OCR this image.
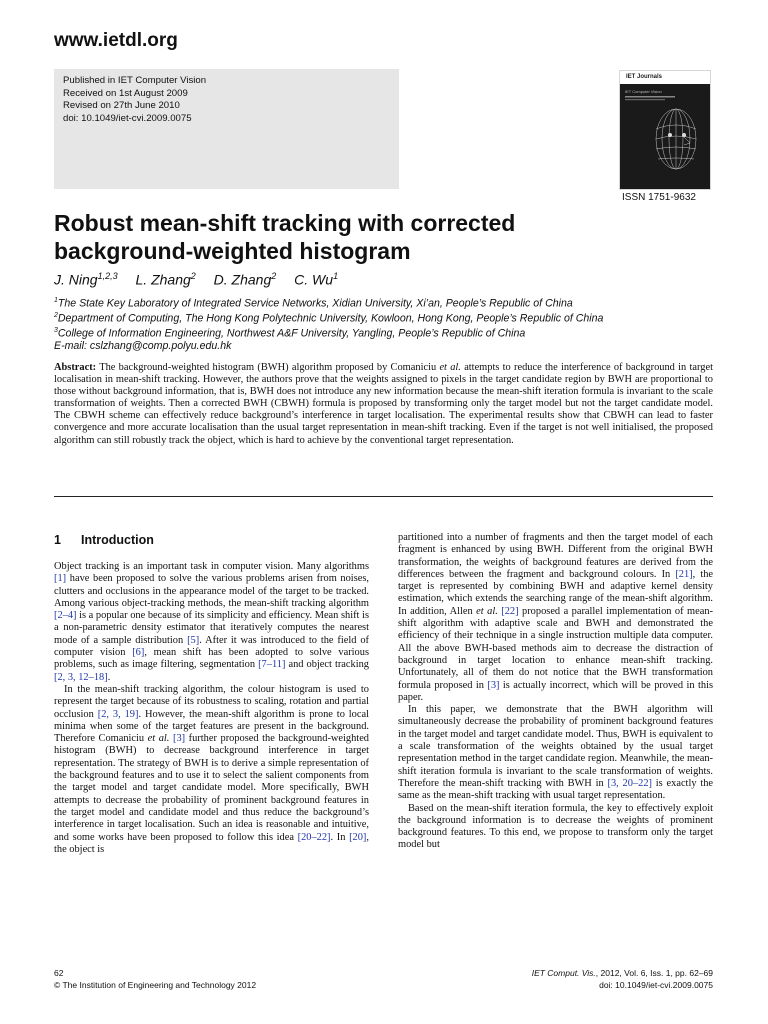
www.ietdl.org
Published in IET Computer Vision
Received on 1st August 2009
Revised on 27th June 2010
doi: 10.1049/iet-cvi.2009.0075
IET Journals
IET Computer Vision
ISSN 1751-9632
Robust mean-shift tracking with corrected
background-weighted histogram
J. Ning$^{1,2,3}$ L. Zhang$^2$ D. Zhang$^2$ C. Wu$^1$
$^1$The State Key Laboratory of Integrated Service Networks, Xidian University, Xi’an, People’s Republic of China
$^2$Department of Computing, The Hong Kong Polytechnic University, Kowloon, Hong Kong, People’s Republic of China
$^3$College of Information Engineering, Northwest A&F University, Yangling, People’s Republic of China
E-mail: cslzhang@comp.polyu.edu.hk
Abstract: The background-weighted histogram (BWH) algorithm proposed by Comaniciu et al. attempts to reduce the interference of background in target localisation in mean-shift tracking. However, the authors prove that the weights assigned to pixels in the target candidate region by BWH are proportional to those without background information, that is, BWH does not introduce any new information because the mean-shift iteration formula is invariant to the scale transformation of weights. Then a corrected BWH (CBWH) formula is proposed by transforming only the target model but not the target candidate model. The CBWH scheme can effectively reduce background’s interference in target localisation. The experimental results show that CBWH can lead to faster convergence and more accurate localisation than the usual target representation in mean-shift tracking. Even if the target is not well initialised, the proposed algorithm can still robustly track the object, which is hard to achieve by the conventional target representation.
1 Introduction

Object tracking is an important task in computer vision. Many algorithms [1] have been proposed to solve the various problems arisen from noises, clutters and occlusions in the appearance model of the target to be tracked. Among various object-tracking methods, the mean-shift tracking algorithm [2–4] is a popular one because of its simplicity and efficiency. Mean shift is a non-parametric density estimator that iteratively computes the nearest mode of a sample distribution [5]. After it was introduced to the field of computer vision [6], mean shift has been adopted to solve various problems, such as image filtering, segmentation [7–11] and object tracking [2, 3, 12–18].

In the mean-shift tracking algorithm, the colour histogram is used to represent the target because of its robustness to scaling, rotation and partial occlusion [2, 3, 19]. However, the mean-shift algorithm is prone to local minima when some of the target features are present in the background. Therefore Comaniciu et al. [3] further proposed the background-weighted histogram (BWH) to decrease background interference in target representation. The strategy of BWH is to derive a simple representation of the background features and to use it to select the salient components from the target model and target candidate model. More specifically, BWH attempts to decrease the probability of prominent background features in the target model and candidate model and thus reduce the background’s interference in target localisation. Such an idea is reasonable and intuitive, and some works have been proposed to follow this idea [20–22]. In [20], the object is

partitioned into a number of fragments and then the target model of each fragment is enhanced by using BWH. Different from the original BWH transformation, the weights of background features are derived from the differences between the fragment and background colours. In [21], the target is represented by combining BWH and adaptive kernel density estimation, which extends the searching range of the mean-shift algorithm. In addition, Allen et al. [22] proposed a parallel implementation of mean-shift algorithm with adaptive scale and BWH and demonstrated the efficiency of their technique in a single instruction multiple data computer. All the above BWH-based methods aim to decrease the distraction of background in target location to enhance mean-shift tracking. Unfortunately, all of them do not notice that the BWH transformation formula proposed in [3] is actually incorrect, which will be proved in this paper.

In this paper, we demonstrate that the BWH algorithm will simultaneously decrease the probability of prominent background features in the target model and target candidate model. Thus, BWH is equivalent to a scale transformation of the weights obtained by the usual target representation method in the target candidate region. Meanwhile, the mean-shift iteration formula is invariant to the scale transformation of weights. Therefore the mean-shift tracking with BWH in [3, 20–22] is exactly the same as the mean-shift tracking with usual target representation.

Based on the mean-shift iteration formula, the key to effectively exploit the background information is to decrease the weights of prominent background features. To this end, we propose to transform only the target model but

62
© The Institution of Engineering and Technology 2012
IET Comput. Vis., 2012, Vol. 6, Iss. 1, pp. 62–69
doi: 10.1049/iet-cvi.2009.0075
